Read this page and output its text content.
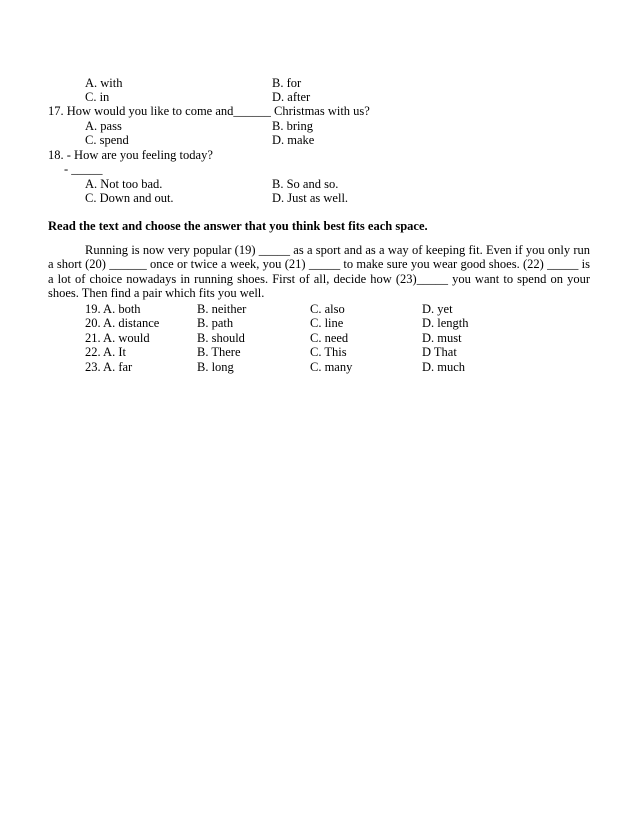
A. with	B. for
C. in	D. after
17. How would you like to come and______ Christmas with us?
A. pass	B. bring
C. spend	D. make
18. - How are you feeling today?
- _____
A. Not too bad.	B. So and so.
C. Down and out.	D. Just as well.
Read the text and choose the answer that you think best fits each space.
Running is now very popular (19) _____ as a sport and as a way of keeping fit. Even if you only run a short (20) ______ once or twice a week, you (21) _____ to make sure you wear good shoes. (22) _____ is a lot of choice nowadays in running shoes. First of all, decide how (23)_____ you want to spend on your shoes. Then find a pair which fits you well.
19. A. both	B. neither	C. also	D. yet
20. A. distance	B. path	C. line	D. length
21. A. would	B. should	C. need	D. must
22. A. It	B. There	C. This	D That
23. A. far	B. long	C. many	D. much
